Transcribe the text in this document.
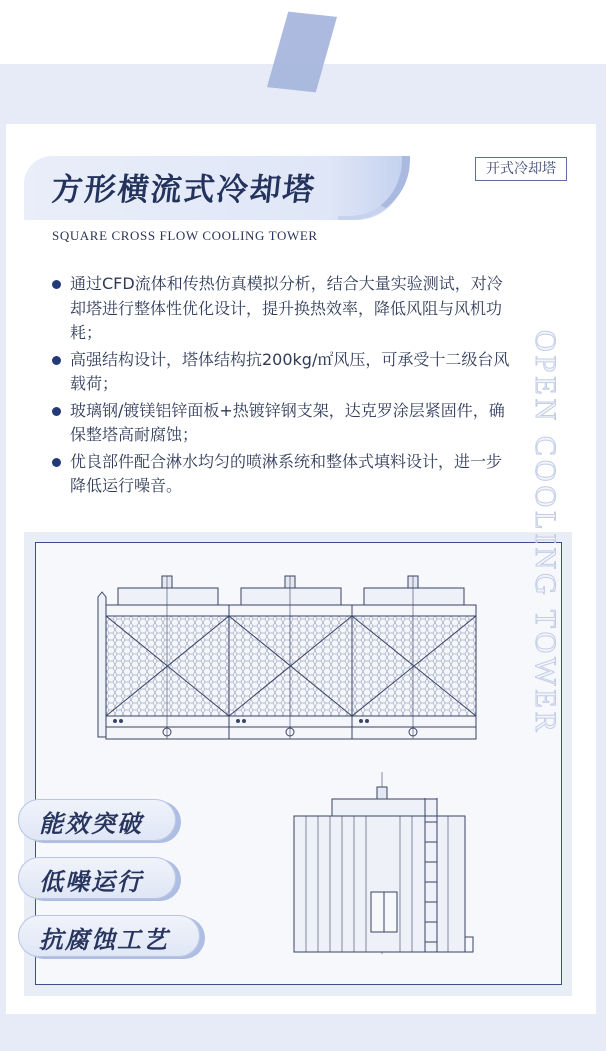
方形横流式冷却塔
SQUARE CROSS FLOW COOLING TOWER
开式冷却塔
通过CFD流体和传热仿真模拟分析，结合大量实验测试，对冷却塔进行整体性优化设计，提升换热效率，降低风阻与风机功耗；
高强结构设计，塔体结构抗200kg/㎡风压，可承受十二级台风载荷；
玻璃钢/镀镁铝锌面板+热镀锌钢支架，达克罗涂层紧固件，确保整塔高耐腐蚀；
优良部件配合淋水均匀的喷淋系统和整体式填料设计，进一步降低运行噪音。	OPEN COOLING TOWER
能效突破
低噪运行
抗腐蚀工艺
